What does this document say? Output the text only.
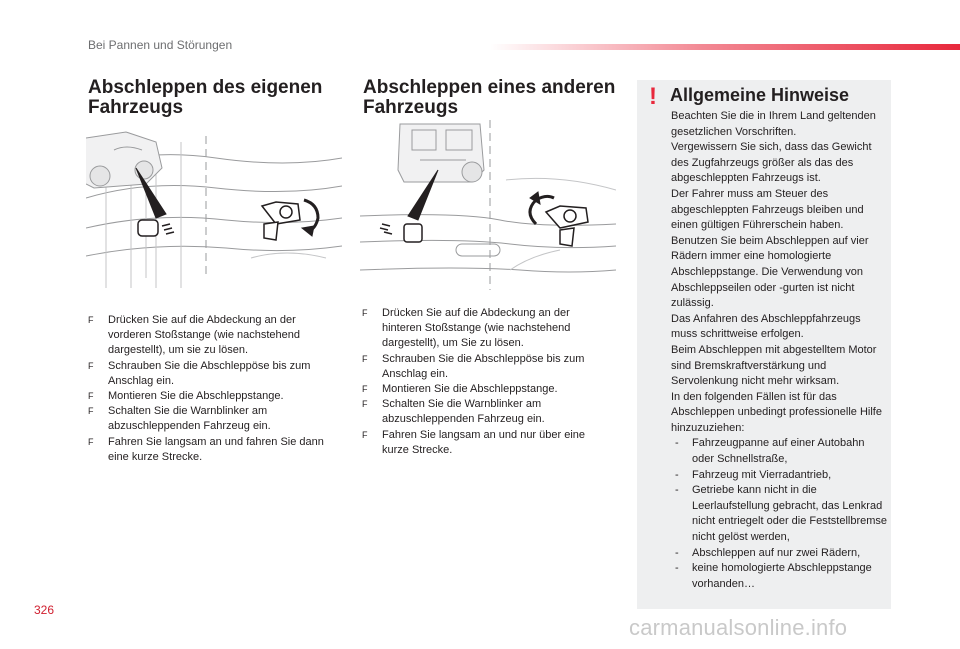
Bei Pannen und Störungen
Abschleppen des eigenen
Fahrzeugs
F Drücken Sie auf die Abdeckung an der vorderen Stoßstange (wie nachstehend dargestellt), um sie zu lösen.
F Schrauben Sie die Abschleppöse bis zum Anschlag ein.
F Montieren Sie die Abschleppstange.
F Schalten Sie die Warnblinker am abzuschleppenden Fahrzeug ein.
F Fahren Sie langsam an und fahren Sie dann eine kurze Strecke.
Abschleppen eines anderen
Fahrzeugs
F Drücken Sie auf die Abdeckung an der hinteren Stoßstange (wie nachstehend dargestellt), um Sie zu lösen.
F Schrauben Sie die Abschleppöse bis zum Anschlag ein.
F Montieren Sie die Abschleppstange.
F Schalten Sie die Warnblinker am abzuschleppenden Fahrzeug ein.
F Fahren Sie langsam an und nur über eine kurze Strecke.
! Allgemeine Hinweise

Beachten Sie die in Ihrem Land geltenden gesetzlichen Vorschriften.

Vergewissern Sie sich, dass das Gewicht des Zugfahrzeugs größer als das des abgeschleppten Fahrzeugs ist.

Der Fahrer muss am Steuer des abgeschleppten Fahrzeugs bleiben und einen gültigen Führerschein haben.

Benutzen Sie beim Abschleppen auf vier Rädern immer eine homologierte Abschleppstange. Die Verwendung von Abschleppseilen oder -gurten ist nicht zulässig.

Das Anfahren des Abschleppfahrzeugs muss schrittweise erfolgen.

Beim Abschleppen mit abgestelltem Motor sind Bremskraftverstärkung und Servolenkung nicht mehr wirksam.

In den folgenden Fällen ist für das Abschleppen unbedingt professionelle Hilfe hinzuzuziehen:

- Fahrzeugpanne auf einer Autobahn oder Schnellstraße,
- Fahrzeug mit Vierradantrieb,
- Getriebe kann nicht in die Leerlaufstellung gebracht, das Lenkrad nicht entriegelt oder die Feststellbremse nicht gelöst werden,
- Abschleppen auf nur zwei Rädern,
- keine homologierte Abschleppstange vorhanden…
326
carmanualsonline.info
